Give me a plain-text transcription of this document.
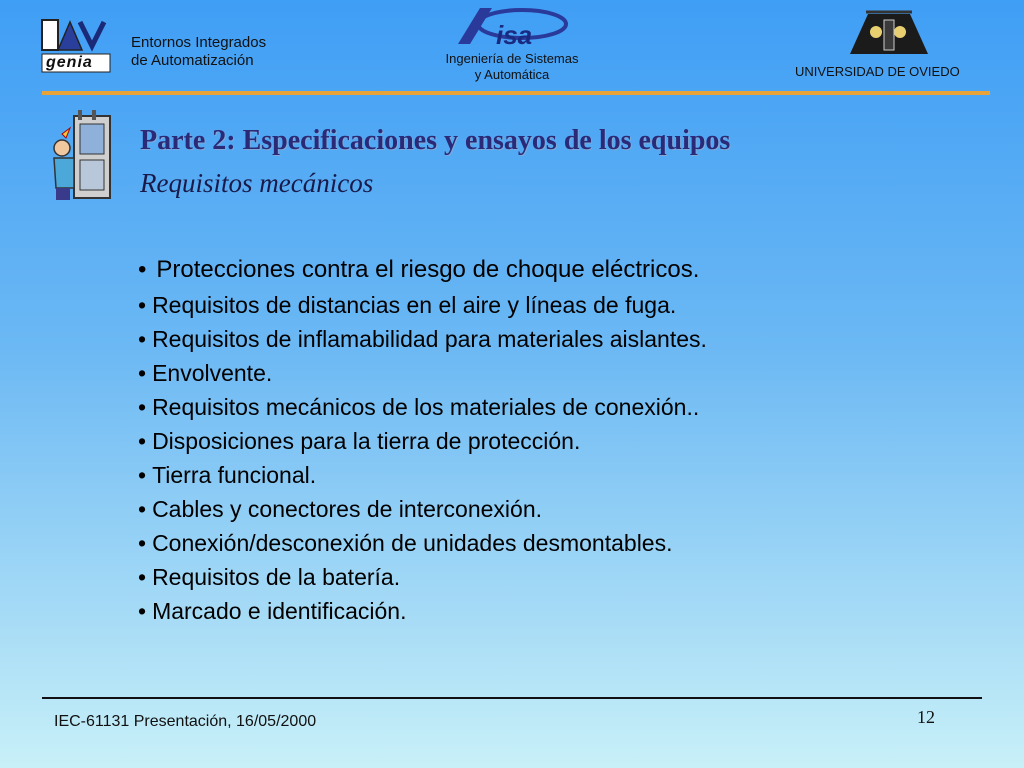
genia
Entornos Integrados
de Automatización
isa
Ingeniería de Sistemas
y Automática	UNIVERSIDAD DE OVIEDO
Parte 2: Especificaciones y ensayos de los equipos
Requisitos mecánicos
• Protecciones contra el riesgo de choque eléctricos.
• Requisitos de distancias en el aire y líneas de fuga.
• Requisitos de inflamabilidad para materiales aislantes.
• Envolvente.
• Requisitos mecánicos de los materiales de conexión..
• Disposiciones para la tierra de protección.
• Tierra funcional.
• Cables y conectores de interconexión.
• Conexión/desconexión de unidades desmontables.
• Requisitos de la batería.
• Marcado e identificación.
IEC-61131 Presentación, 16/05/2000	12
